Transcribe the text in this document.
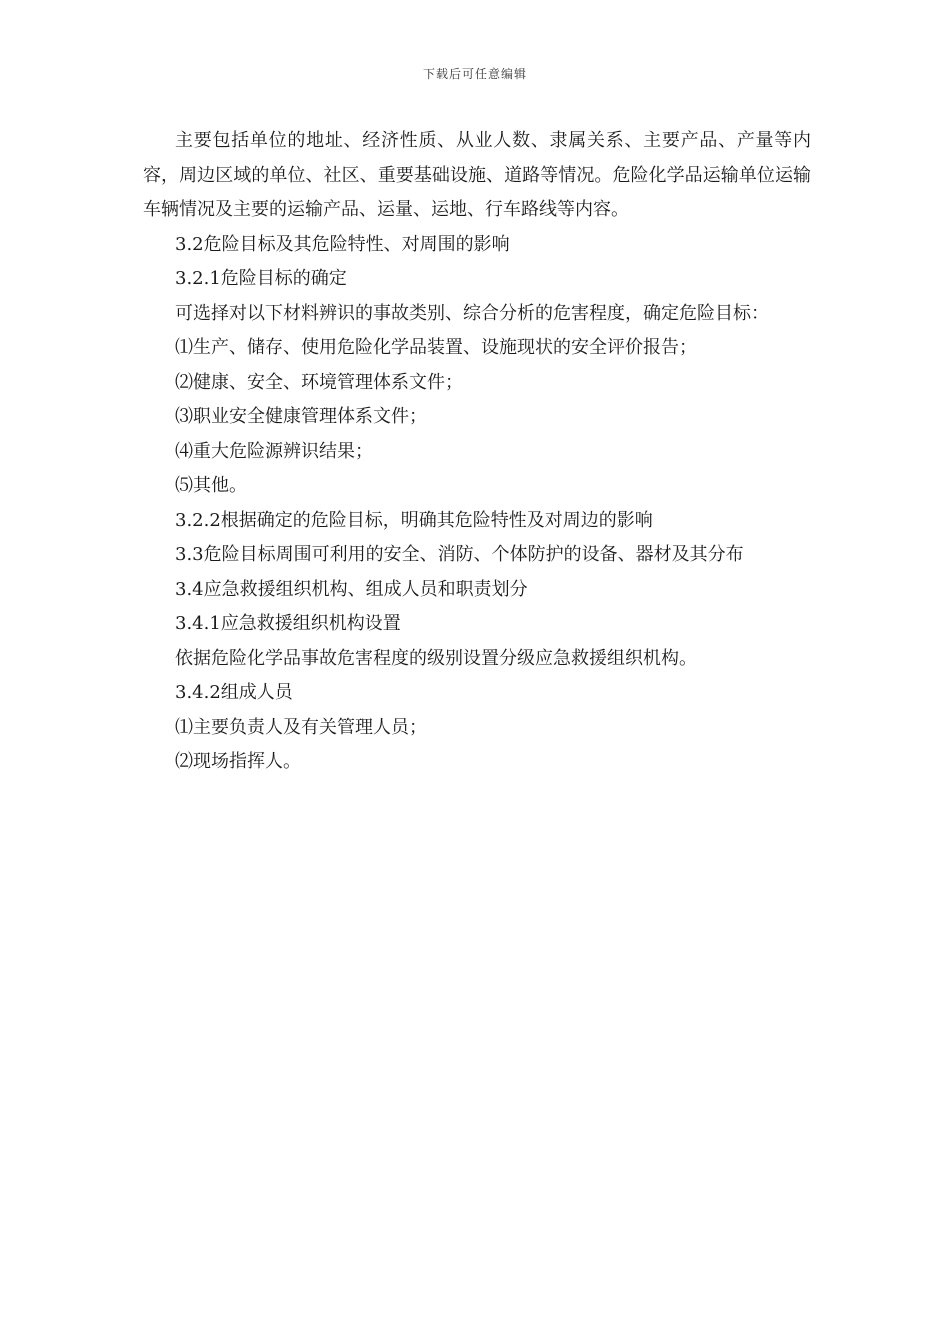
下载后可任意编辑

主要包括单位的地址、经济性质、从业人数、隶属关系、主要产品、产量等内容，周边区域的单位、社区、重要基础设施、道路等情况。危险化学品运输单位运输车辆情况及主要的运输产品、运量、运地、行车路线等内容。

3.2危险目标及其危险特性、对周围的影响

3.2.1危险目标的确定

可选择对以下材料辨识的事故类别、综合分析的危害程度，确定危险目标：

⑴生产、储存、使用危险化学品装置、设施现状的安全评价报告；

⑵健康、安全、环境管理体系文件；

⑶职业安全健康管理体系文件；

⑷重大危险源辨识结果；

⑸其他。

3.2.2根据确定的危险目标，明确其危险特性及对周边的影响

3.3危险目标周围可利用的安全、消防、个体防护的设备、器材及其分布

3.4应急救援组织机构、组成人员和职责划分

3.4.1应急救援组织机构设置

依据危险化学品事故危害程度的级别设置分级应急救援组织机构。

3.4.2组成人员

⑴主要负责人及有关管理人员；

⑵现场指挥人。
